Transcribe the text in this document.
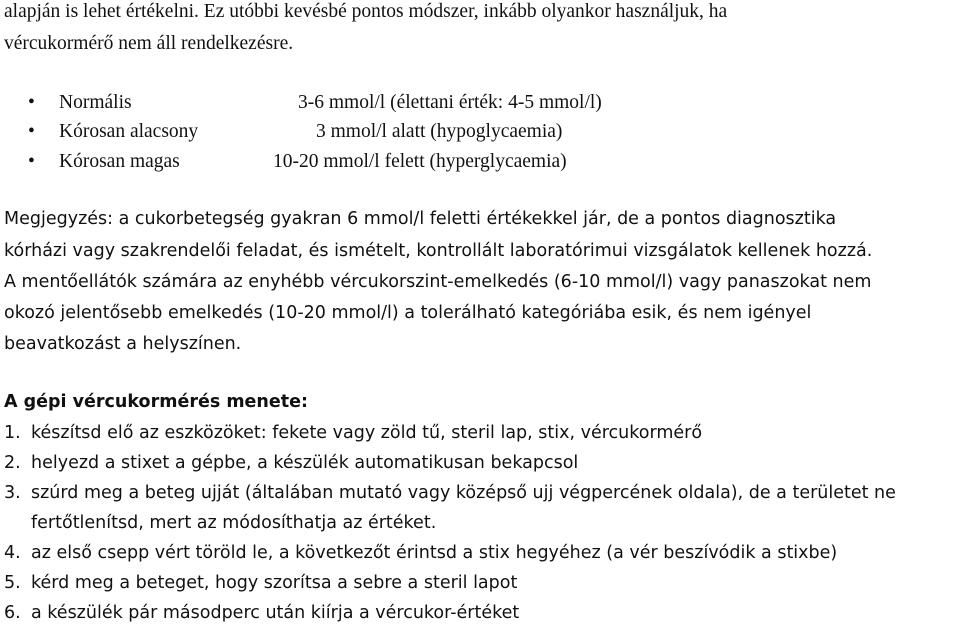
alapján is lehet értékelni. Ez utóbbi kevésbé pontos módszer, inkább olyankor használjuk, ha
vércukormérő nem áll rendelkezésre.
• Normális	3-6 mmol/l (élettani érték: 4-5 mmol/l)
• Kórosan alacsony	3 mmol/l alatt (hypoglycaemia)
• Kórosan magas	10-20 mmol/l felett (hyperglycaemia)
Megjegyzés: a cukorbetegség gyakran 6 mmol/l feletti értékekkel jár, de a pontos diagnosztika
kórházi vagy szakrendelői feladat, és ismételt, kontrollált laboratórimui vizsgálatok kellenek hozzá.
A mentőellátók számára az enyhébb vércukorszint-emelkedés (6-10 mmol/l) vagy panaszokat nem
okozó jelentősebb emelkedés (10-20 mmol/l) a tolerálható kategóriába esik, és nem igényel
beavatkozást a helyszínen.
A gépi vércukormérés menete:
1. készítsd elő az eszközöket: fekete vagy zöld tű, steril lap, stix, vércukormérő
2. helyezd a stixet a gépbe, a készülék automatikusan bekapcsol
3. szúrd meg a beteg ujját (általában mutató vagy középső ujj végpercének oldala), de a területet ne
fertőtlenítsd, mert az módosíthatja az értéket.
4. az első csepp vért töröld le, a következőt érintsd a stix hegyéhez (a vér beszívódik a stixbe)
5. kérd meg a beteget, hogy szorítsa a sebre a steril lapot
6. a készülék pár másodperc után kiírja a vércukor-értéket
